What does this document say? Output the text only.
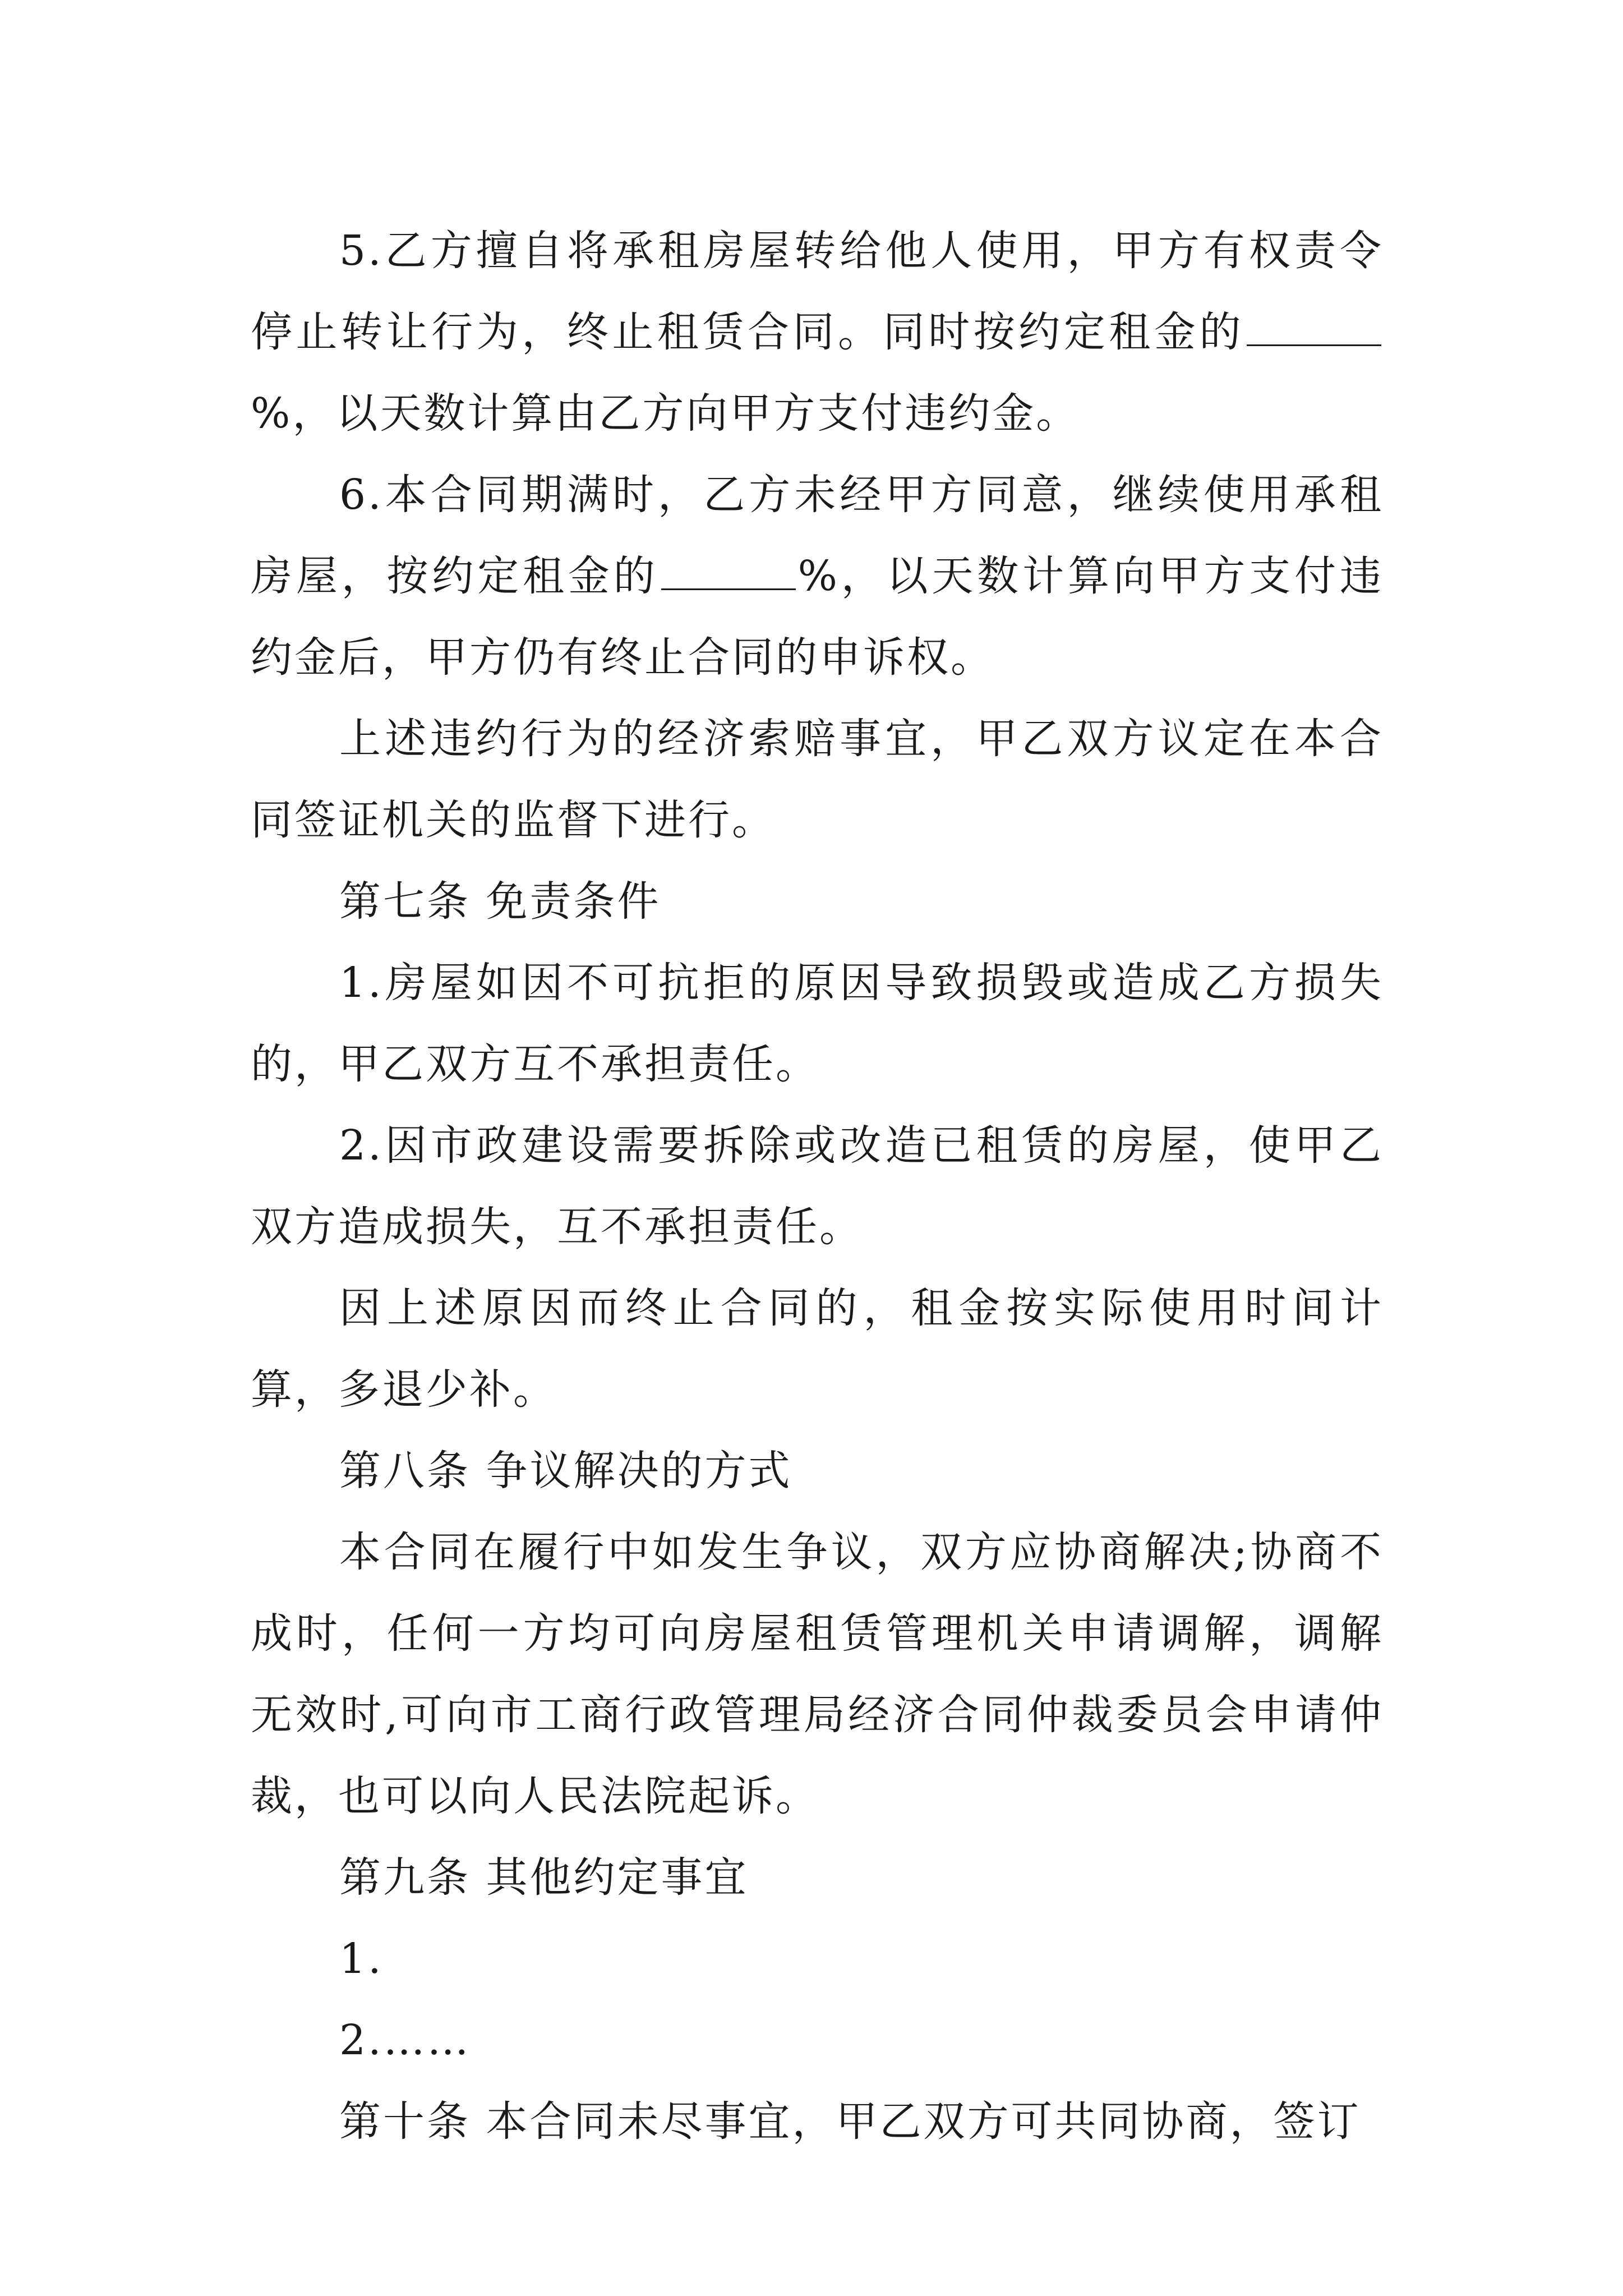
5.乙方擅自将承租房屋转给他人使用，甲方有权责令停止转让行为，终止租赁合同。同时按约定租金的%，以天数计算由乙方向甲方支付违约金。

6.本合同期满时，乙方未经甲方同意，继续使用承租房屋，按约定租金的	%，以天数计算向甲方支付违约金后，甲方仍有终止合同的申诉权。

上述违约行为的经济索赔事宜，甲乙双方议定在本合同签证机关的监督下进行。

第七条 免责条件

1.房屋如因不可抗拒的原因导致损毁或造成乙方损失的，甲乙双方互不承担责任。

2.因市政建设需要拆除或改造已租赁的房屋，使甲乙双方造成损失，互不承担责任。

因上述原因而终止合同的，租金按实际使用时间计算，多退少补。

第八条 争议解决的方式

本合同在履行中如发生争议，双方应协商解决;协商不成时，任何一方均可向房屋租赁管理机关申请调解，调解无效时,可向市工商行政管理局经济合同仲裁委员会申请仲裁，也可以向人民法院起诉。

第九条 其他约定事宜

1.

2.……

第十条 本合同未尽事宜，甲乙双方可共同协商，签订
